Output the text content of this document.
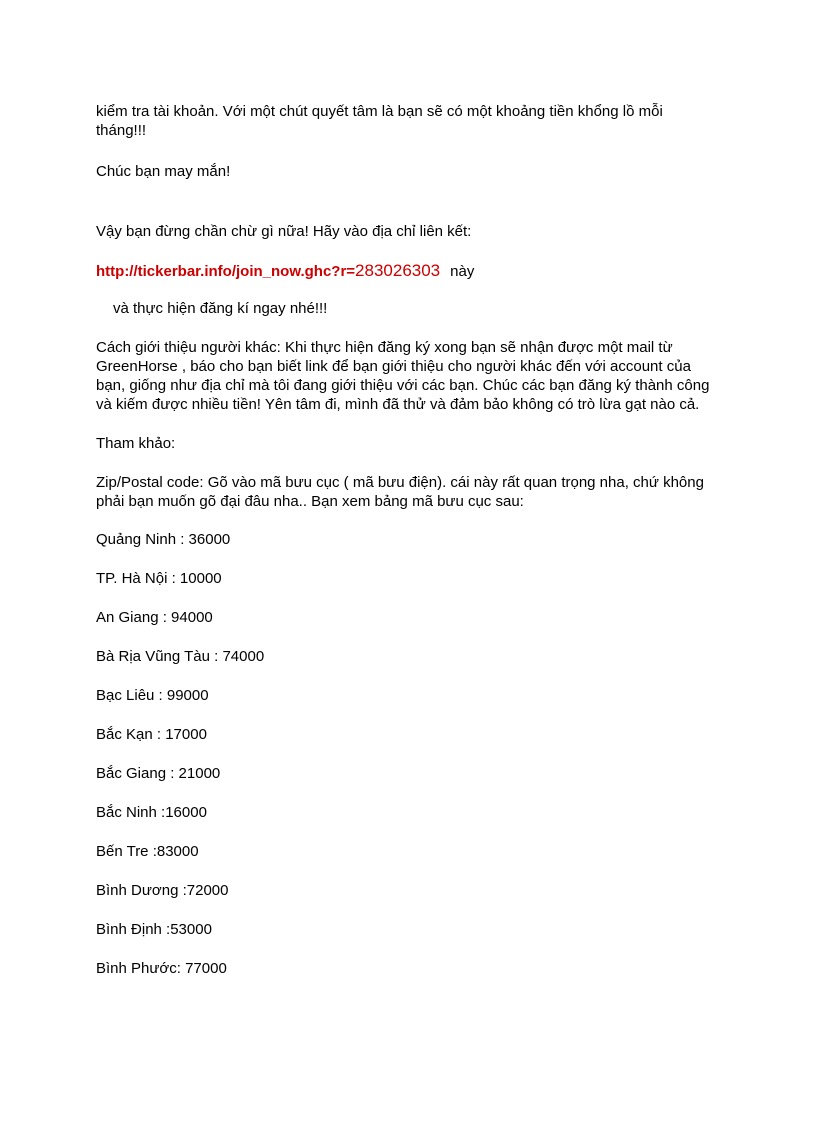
kiểm tra tài khoản. Với một chút quyết tâm là bạn sẽ có một khoảng tiền khổng lồ mỗi tháng!!!

Chúc bạn may mắn!

Vậy bạn đừng chần chừ gì nữa! Hãy vào địa chỉ liên kết:

http://tickerbar.info/join_now.ghc?r=283026303 này

và thực hiện đăng kí ngay nhé!!!

Cách giới thiệu người khác: Khi thực hiện đăng ký xong bạn sẽ nhận được một mail từ GreenHorse , báo cho bạn biết link để bạn giới thiệu cho người khác đến với account của bạn, giống như địa chỉ mà tôi đang giới thiệu với các bạn. Chúc các bạn đăng ký thành công và kiếm được nhiều tiền! Yên tâm đi, mình đã thử và đảm bảo không có trò lừa gạt nào cả.

Tham khảo:

Zip/Postal code: Gõ vào mã bưu cục ( mã bưu điện). cái này rất quan trọng nha, chứ không phải bạn muốn gõ đại đâu nha.. Bạn xem bảng mã bưu cục sau:

Quảng Ninh : 36000
TP. Hà Nội : 10000
An Giang : 94000
Bà Rịa Vũng Tàu : 74000
Bạc Liêu : 99000
Bắc Kạn : 17000
Bắc Giang : 21000
Bắc Ninh :16000
Bến Tre :83000
Bình Dương :72000
Bình Định :53000
Bình Phước: 77000
